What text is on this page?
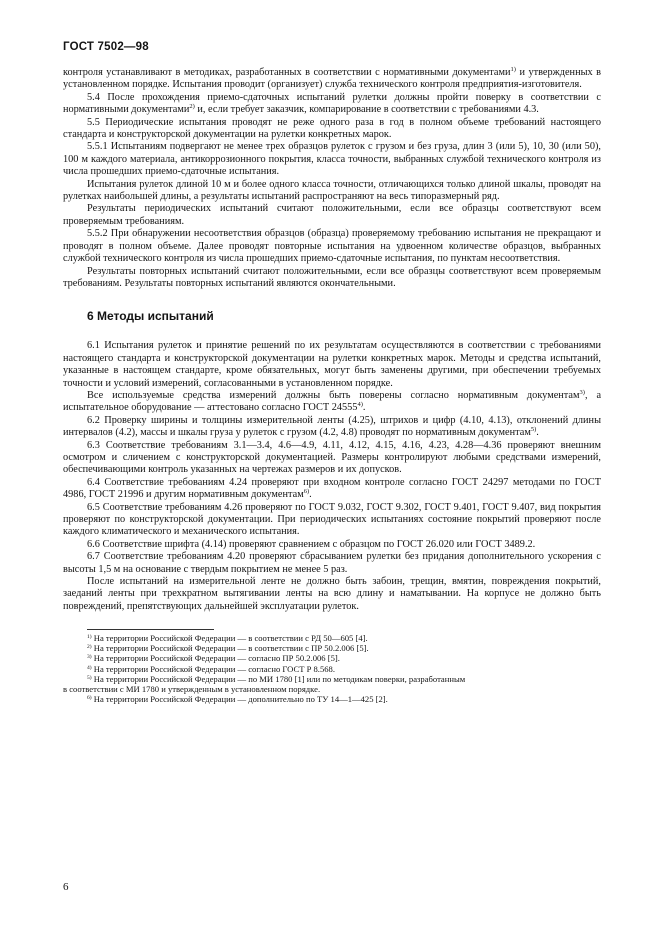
ГОСТ 7502—98

контроля устанавливают в методиках, разработанных в соответствии с нормативными документами$^{1)}$ и утвержденных в установленном порядке. Испытания проводит (организует) служба технического контроля предприятия-изготовителя.

5.4 После прохождения приемо-сдаточных испытаний рулетки должны пройти поверку в соответствии с нормативными документами$^{2)}$ и, если требует заказчик, компарирование в соответствии с требованиями 4.3.

5.5 Периодические испытания проводят не реже одного раза в год в полном объеме требований настоящего стандарта и конструкторской документации на рулетки конкретных марок.

5.5.1 Испытаниям подвергают не менее трех образцов рулеток с грузом и без груза, длин 3 (или 5), 10, 30 (или 50), 100 м каждого материала, антикоррозионного покрытия, класса точности, выбранных службой технического контроля из числа прошедших приемо-сдаточные испытания.

Испытания рулеток длиной 10 м и более одного класса точности, отличающихся только длиной шкалы, проводят на рулетках наибольшей длины, а результаты испытаний распространяют на весь типоразмерный ряд.

Результаты периодических испытаний считают положительными, если все образцы соответствуют всем проверяемым требованиям.

5.5.2 При обнаружении несоответствия образцов (образца) проверяемому требованию испытания не прекращают и проводят в полном объеме. Далее проводят повторные испытания на удвоенном количестве образцов, выбранных службой технического контроля из числа прошедших приемо-сдаточные испытания, по пунктам несоответствия.

Результаты повторных испытаний считают положительными, если все образцы соответствуют всем проверяемым требованиям. Результаты повторных испытаний являются окончательными.

6 Методы испытаний

6.1 Испытания рулеток и принятие решений по их результатам осуществляются в соответствии с требованиями настоящего стандарта и конструкторской документации на рулетки конкретных марок. Методы и средства испытаний, указанные в настоящем стандарте, кроме обязательных, могут быть заменены другими, при обеспечении требуемых точности и условий измерений, согласованными в установленном порядке.

Все используемые средства измерений должны быть поверены согласно нормативным документам$^{3)}$, а испытательное оборудование — аттестовано согласно ГОСТ 24555$^{4)}$.

6.2 Проверку ширины и толщины измерительной ленты (4.25), штрихов и цифр (4.10, 4.13), отклонений длины интервалов (4.2), массы и шкалы груза у рулеток с грузом (4.2, 4.8) проводят по нормативным документам$^{5)}$.

6.3 Соответствие требованиям 3.1—3.4, 4.6—4.9, 4.11, 4.12, 4.15, 4.16, 4.23, 4.28—4.36 проверяют внешним осмотром и сличением с конструкторской документацией. Размеры контролируют любыми средствами измерений, обеспечивающими контроль указанных на чертежах размеров и их допусков.

6.4 Соответствие требованиям 4.24 проверяют при входном контроле согласно ГОСТ 24297 методами по ГОСТ 4986, ГОСТ 21996 и другим нормативным документам$^{6)}$.

6.5 Соответствие требованиям 4.26 проверяют по ГОСТ 9.032, ГОСТ 9.302, ГОСТ 9.401, ГОСТ 9.407, вид покрытия проверяют по конструкторской документации. При периодических испытаниях состояние покрытий проверяют после каждого климатического и механического испытания.

6.6 Соответствие шрифта (4.14) проверяют сравнением с образцом по ГОСТ 26.020 или ГОСТ 3489.2.

6.7 Соответствие требованиям 4.20 проверяют сбрасыванием рулетки без придания дополнительного ускорения с высоты 1,5 м на основание с твердым покрытием не менее 5 раз.

После испытаний на измерительной ленте не должно быть забоин, трещин, вмятин, повреждения покрытий, заеданий ленты при трехкратном вытягивании ленты на всю длину и наматывании. На корпусе не должно быть повреждений, препятствующих дальнейшей эксплуатации рулеток.

$^{1)}$ На территории Российской Федерации — в соответствии с РД 50—605 [4].

$^{2)}$ На территории Российской Федерации — в соответствии с ПР 50.2.006 [5].

$^{3)}$ На территории Российской Федерации — согласно ПР 50.2.006 [5].

$^{4)}$ На территории Российской Федерации — согласно ГОСТ Р 8.568.

$^{5)}$ На территории Российской Федерации — по МИ 1780 [1] или по методикам поверки, разработанным

в соответствии с МИ 1780 и утвержденным в установленном порядке.

$^{6)}$ На территории Российской Федерации — дополнительно по ТУ 14—1—425 [2].

6
